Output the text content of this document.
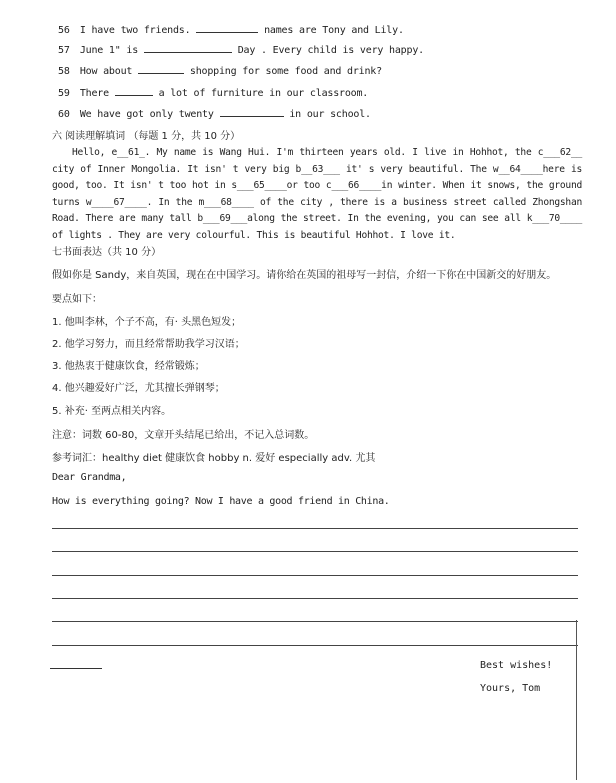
56 I have two friends.	names are Tony and Lily.
57 June 1" is	Day . Every child is very happy.
58 How about	shopping for some food and drink?
59 There	a lot of furniture in our classroom.
60 We have got only twenty	in our school.
六 阅读理解填词 （每题 1 分，共 10 分）
Hello, e__61_. My name is Wang Hui. I'm thirteen years old. I live in Hohhot, the c___62__ city of Inner Mongolia. It isn' t very big b__63___ it' s very beautiful. The w__64____here is good, too. It isn' t too hot in s___65____or too c___66____in winter. When it snows, the ground turns w____67____. In the m___68____ of the city , there is a business street called Zhongshan Road. There are many tall b___69___along the street. In the evening, you can see all k___70____ of lights . They are very colourful. This is beautiful Hohhot. I love it.
七书面表达（共 10 分）
假如你是 Sandy，来自英国，现在在中国学习。请你给在英国的祖母写一封信，介绍一下你在中国新交的好朋友。
要点如下：
1. 他叫李林，个子不高，有· 头黑色短发；
2. 他学习努力，而且经常帮助我学习汉语；
3. 他热衷于健康饮食，经常锻炼；
4. 他兴趣爱好广泛，尤其擅长弹钢琴；
5. 补充· 至两点相关内容。
注意：词数 60-80，文章开头结尾已给出，不记入总词数。
参考词汇：healthy diet 健康饮食 hobby n. 爱好 especially adv. 尤其
Dear Grandma,
How is everything going? Now I have a good friend in China.
Best wishes!
Yours, Tom
